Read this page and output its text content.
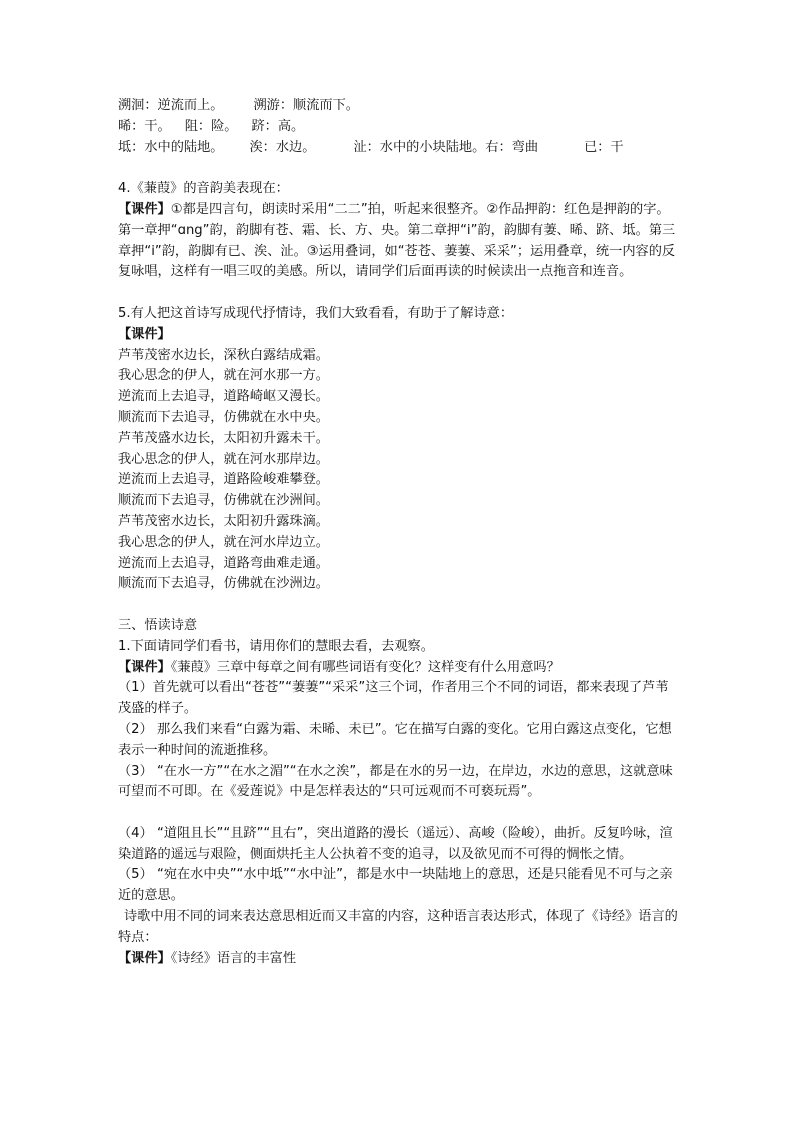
溯洄：逆流而上。 溯游：顺流而下。
晞：干。 阻：险。 跻：高。
坻：水中的陆地。 涘：水边。	沚：水中的小块陆地。右：弯曲	已：干
4.《蒹葭》的音韵美表现在：
【课件】①都是四言句，朗读时采用“二二”拍，听起来很整齐。②作品押韵：红色是押韵的字。第一章押“ɑng”韵，韵脚有苍、霜、长、方、央。第二章押“i”韵，韵脚有萋、晞、跻、坻。第三章押“i”韵，韵脚有已、涘、沚。③运用叠词，如“苍苍、萋萋、采采”；运用叠章，统一内容的反复咏唱，这样有一唱三叹的美感。所以，请同学们后面再读的时候读出一点拖音和连音。
5.有人把这首诗写成现代抒情诗，我们大致看看，有助于了解诗意：
【课件】
芦苇茂密水边长，深秋白露结成霜。
我心思念的伊人，就在河水那一方。
逆流而上去追寻，道路崎岖又漫长。
顺流而下去追寻，仿佛就在水中央。
芦苇茂盛水边长，太阳初升露未干。
我心思念的伊人，就在河水那岸边。
逆流而上去追寻，道路险峻难攀登。
顺流而下去追寻，仿佛就在沙洲间。
芦苇茂密水边长，太阳初升露珠滴。
我心思念的伊人，就在河水岸边立。
逆流而上去追寻，道路弯曲难走通。
顺流而下去追寻，仿佛就在沙洲边。
三、悟读诗意
1.下面请同学们看书，请用你们的慧眼去看，去观察。
【课件】《蒹葭》三章中每章之间有哪些词语有变化？这样变有什么用意吗？
（1）首先就可以看出“苍苍”“萋萋”“采采”这三个词，作者用三个不同的词语，都来表现了芦苇茂盛的样子。
（2） 那么我们来看“白露为霜、未晞、未已”。它在描写白露的变化。它用白露这点变化，它想表示一种时间的流逝推移。
（3） “在水一方”“在水之湄”“在水之涘”，都是在水的另一边，在岸边，水边的意思，这就意味可望而不可即。在《爱莲说》中是怎样表达的“只可远观而不可亵玩焉”。
（4） “道阻且长”“且跻”“且右”，突出道路的漫长（遥远）、高峻（险峻），曲折。反复吟咏，渲染道路的遥远与艰险，侧面烘托主人公执着不变的追寻，以及欲见而不可得的惆怅之情。
（5） “宛在水中央”“水中坻”“水中沚”，都是水中一块陆地上的意思，还是只能看见不可与之亲近的意思。
诗歌中用不同的词来表达意思相近而又丰富的内容，这种语言表达形式，体现了《诗经》语言的特点：
【课件】《诗经》语言的丰富性
